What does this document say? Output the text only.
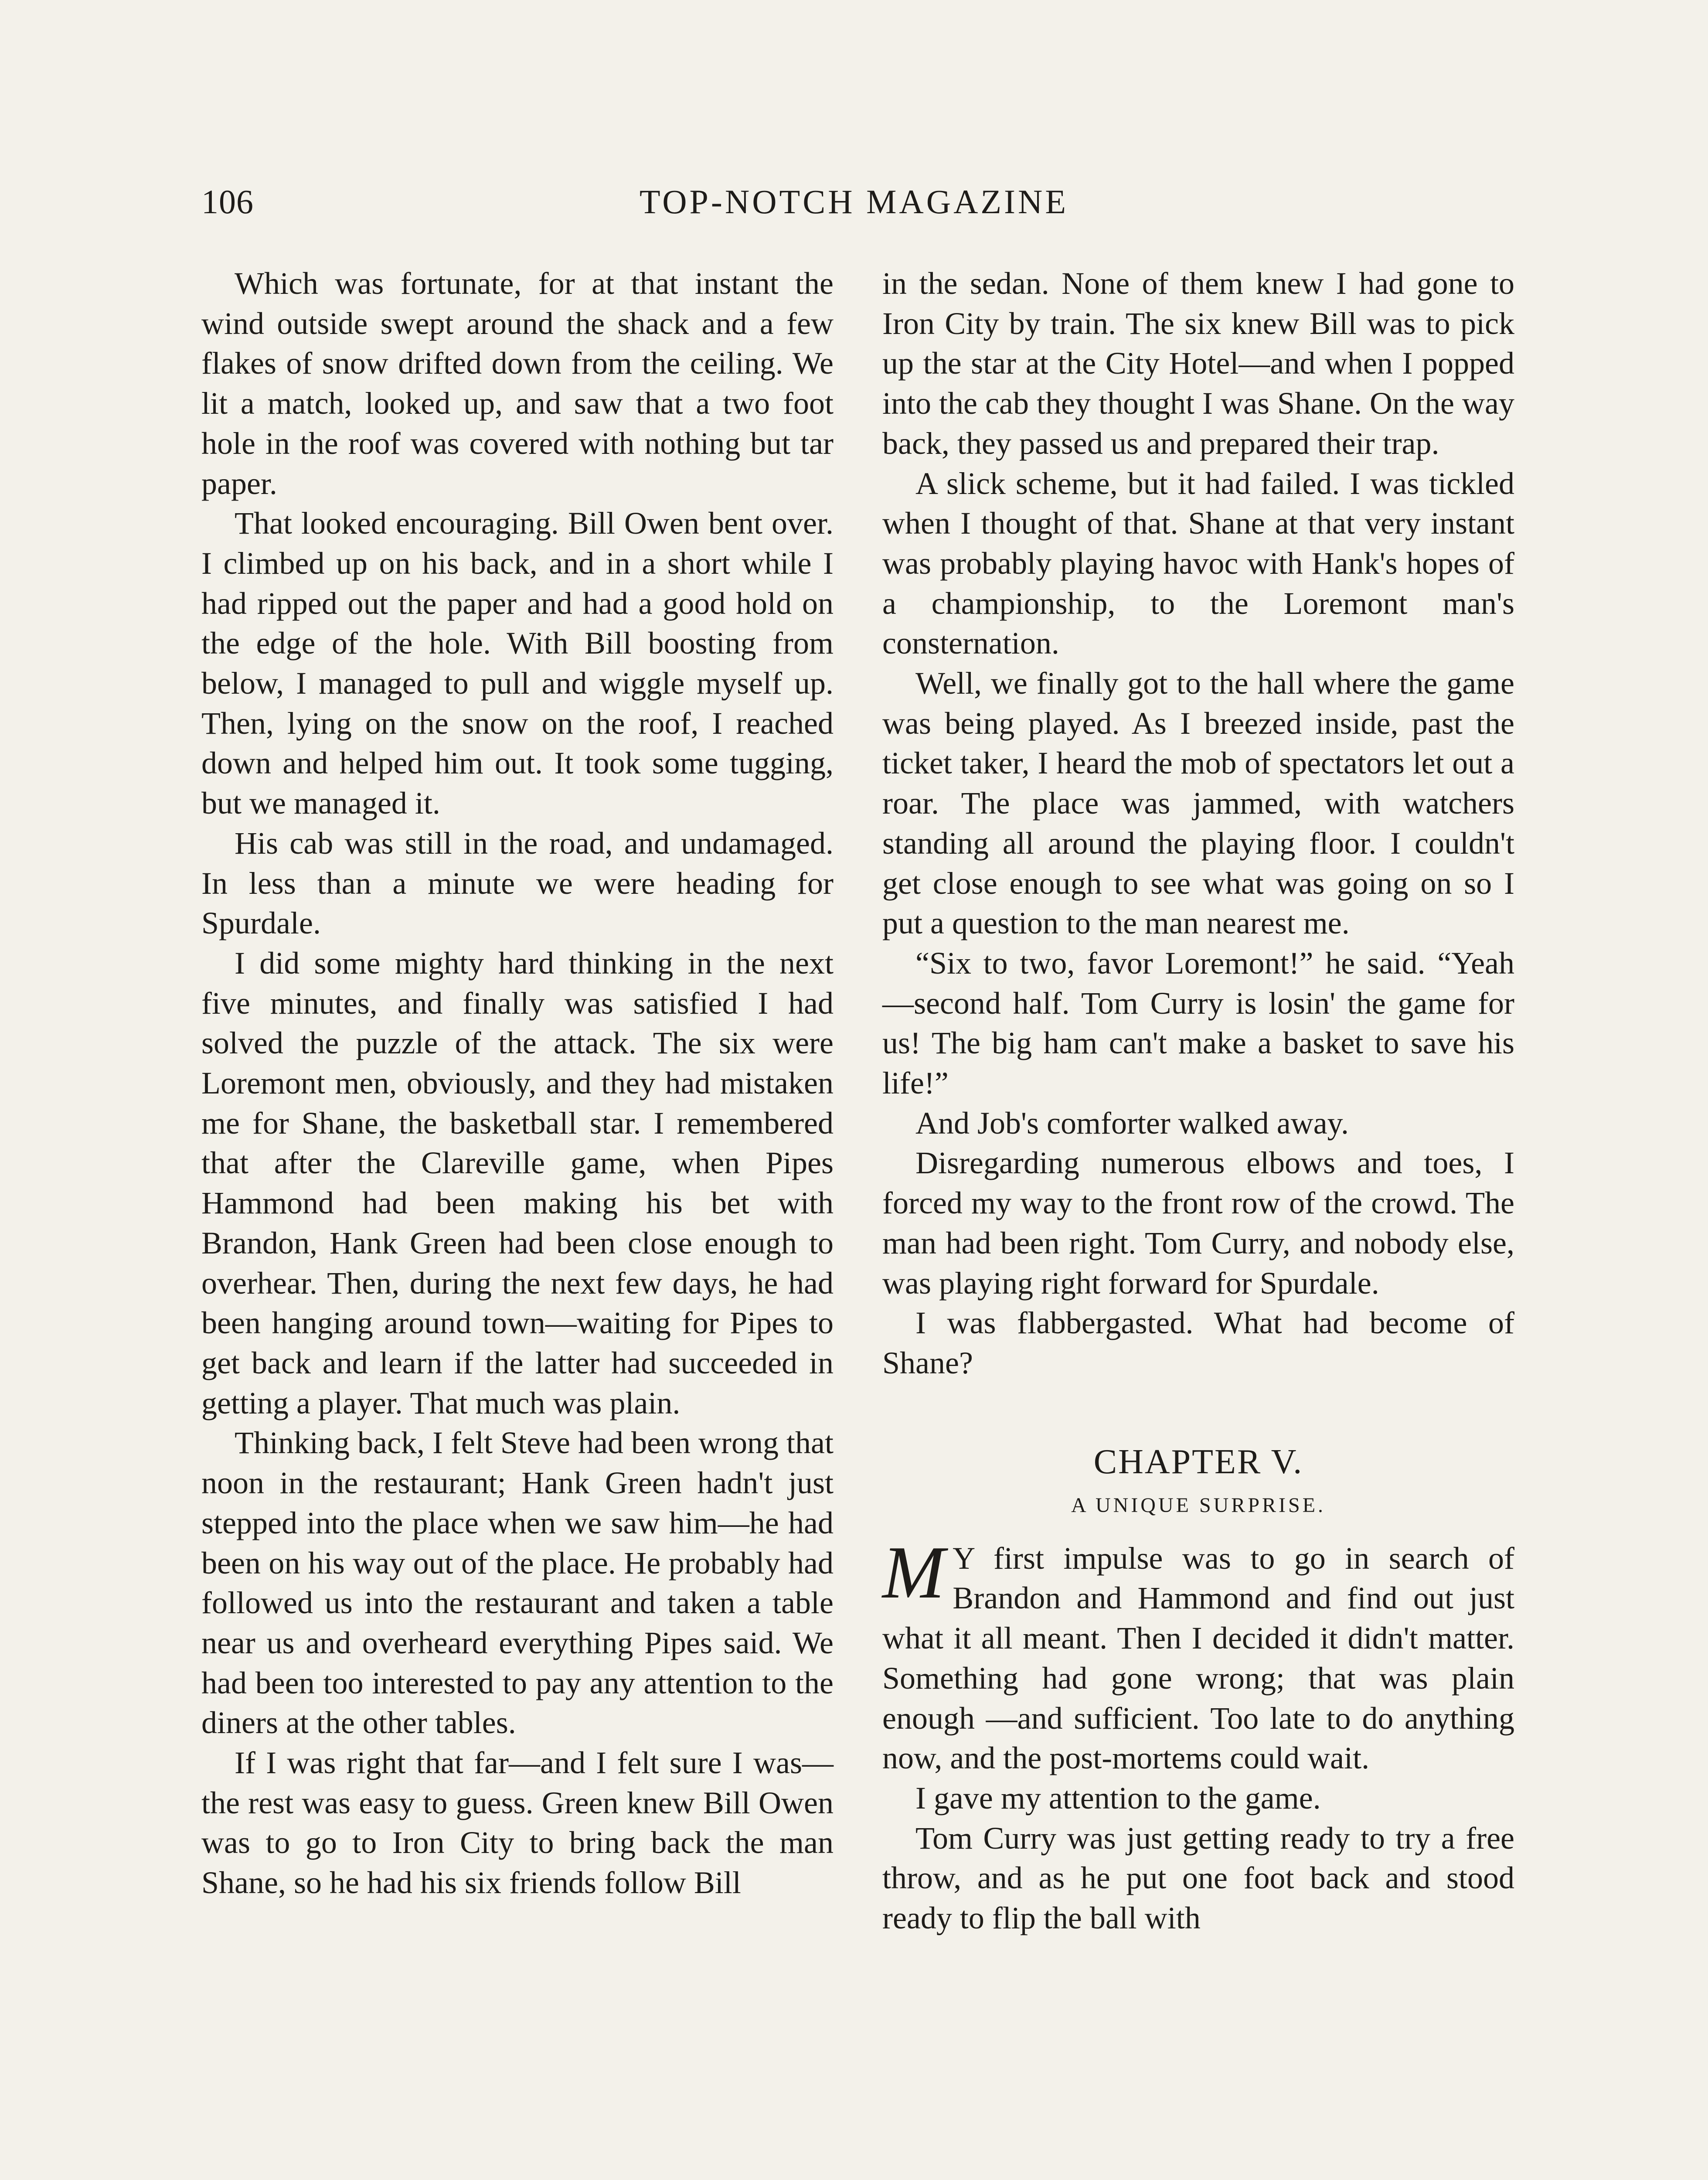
106	TOP-NOTCH MAGAZINE

Which was fortunate, for at that instant the wind outside swept around the shack and a few flakes of snow drifted down from the ceiling. We lit a match, looked up, and saw that a two foot hole in the roof was covered with nothing but tar paper.

That looked encouraging. Bill Owen bent over. I climbed up on his back, and in a short while I had ripped out the paper and had a good hold on the edge of the hole. With Bill boosting from below, I managed to pull and wiggle myself up. Then, lying on the snow on the roof, I reached down and helped him out. It took some tugging, but we managed it.

His cab was still in the road, and undamaged. In less than a minute we were heading for Spurdale.

I did some mighty hard thinking in the next five minutes, and finally was satisfied I had solved the puzzle of the attack. The six were Loremont men, obviously, and they had mistaken me for Shane, the basketball star. I remembered that after the Clareville game, when Pipes Hammond had been making his bet with Brandon, Hank Green had been close enough to overhear. Then, during the next few days, he had been hanging around town—waiting for Pipes to get back and learn if the latter had succeeded in getting a player. That much was plain.

Thinking back, I felt Steve had been wrong that noon in the restaurant; Hank Green hadn't just stepped into the place when we saw him—he had been on his way out of the place. He probably had followed us into the restaurant and taken a table near us and overheard everything Pipes said. We had been too interested to pay any attention to the diners at the other tables.

If I was right that far—and I felt sure I was—the rest was easy to guess. Green knew Bill Owen was to go to Iron City to bring back the man Shane, so he had his six friends follow Bill

in the sedan. None of them knew I had gone to Iron City by train. The six knew Bill was to pick up the star at the City Hotel—and when I popped into the cab they thought I was Shane. On the way back, they passed us and prepared their trap.

A slick scheme, but it had failed. I was tickled when I thought of that. Shane at that very instant was probably playing havoc with Hank's hopes of a championship, to the Loremont man's consternation.

Well, we finally got to the hall where the game was being played. As I breezed inside, past the ticket taker, I heard the mob of spectators let out a roar. The place was jammed, with watchers standing all around the playing floor. I couldn't get close enough to see what was going on so I put a question to the man nearest me.

“Six to two, favor Loremont!” he said. “Yeah—second half. Tom Curry is losin' the game for us! The big ham can't make a basket to save his life!”

And Job's comforter walked away.

Disregarding numerous elbows and toes, I forced my way to the front row of the crowd. The man had been right. Tom Curry, and nobody else, was playing right forward for Spurdale.

I was flabbergasted. What had become of Shane?

CHAPTER V.
A UNIQUE SURPRISE.

M Y first impulse was to go in search of Brandon and Hammond and find out just what it all meant. Then I decided it didn't matter. Something had gone wrong; that was plain enough —and sufficient. Too late to do anything now, and the post-mortems could wait.

I gave my attention to the game.

Tom Curry was just getting ready to try a free throw, and as he put one foot back and stood ready to flip the ball with
